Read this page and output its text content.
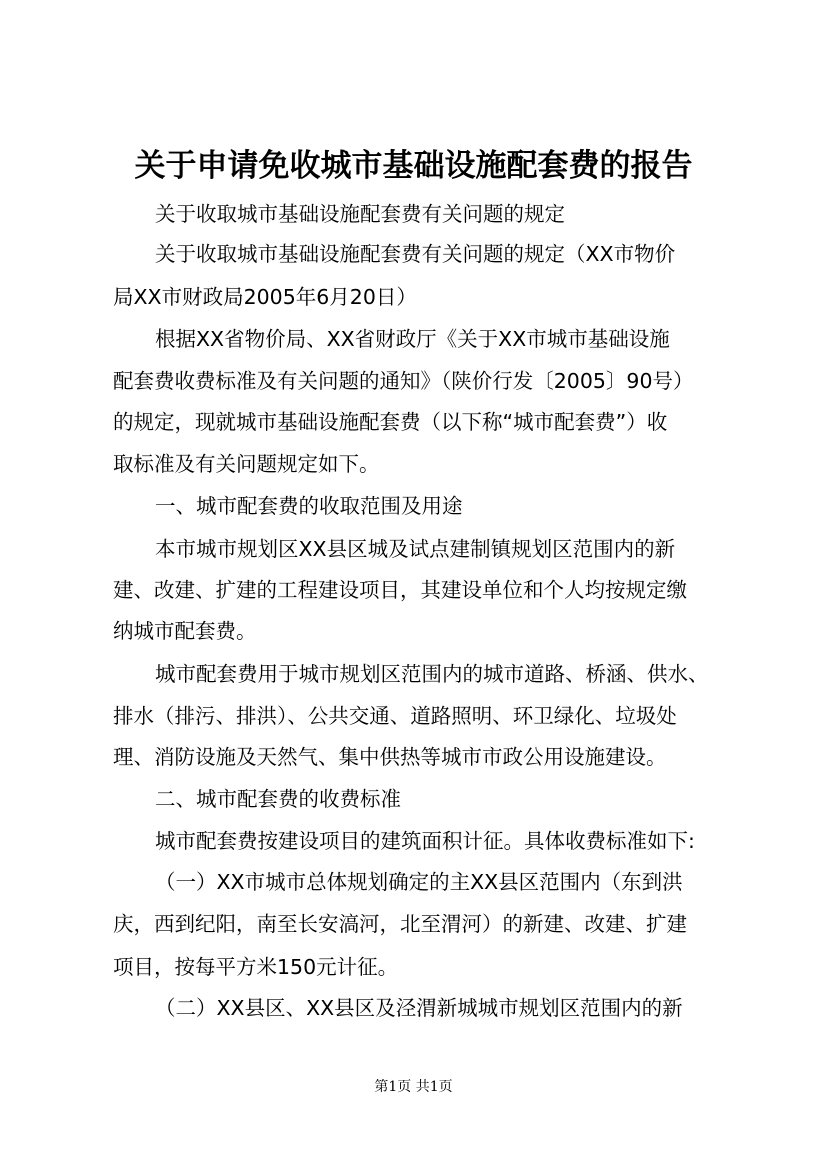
关于申请免收城市基础设施配套费的报告

关于收取城市基础设施配套费有关问题的规定

关于收取城市基础设施配套费有关问题的规定（XX市物价

局XX市财政局2005年6月20日）

根据XX省物价局、XX省财政厅《关于XX市城市基础设施

配套费收费标准及有关问题的通知》（陕价行发〔2005〕90号）

的规定，现就城市基础设施配套费（以下称“城市配套费”）收

取标准及有关问题规定如下。

一、城市配套费的收取范围及用途

本市城市规划区XX县区城及试点建制镇规划区范围内的新

建、改建、扩建的工程建设项目，其建设单位和个人均按规定缴

纳城市配套费。

城市配套费用于城市规划区范围内的城市道路、桥涵、供水、

排水（排污、排洪）、公共交通、道路照明、环卫绿化、垃圾处

理、消防设施及天然气、集中供热等城市市政公用设施建设。

二、城市配套费的收费标准

城市配套费按建设项目的建筑面积计征。具体收费标准如下:

（一）XX市城市总体规划确定的主XX县区范围内（东到洪

庆，西到纪阳，南至长安滈河，北至渭河）的新建、改建、扩建

项目，按每平方米150元计征。

（二）XX县区、XX县区及泾渭新城城市规划区范围内的新

第1页 共1页
